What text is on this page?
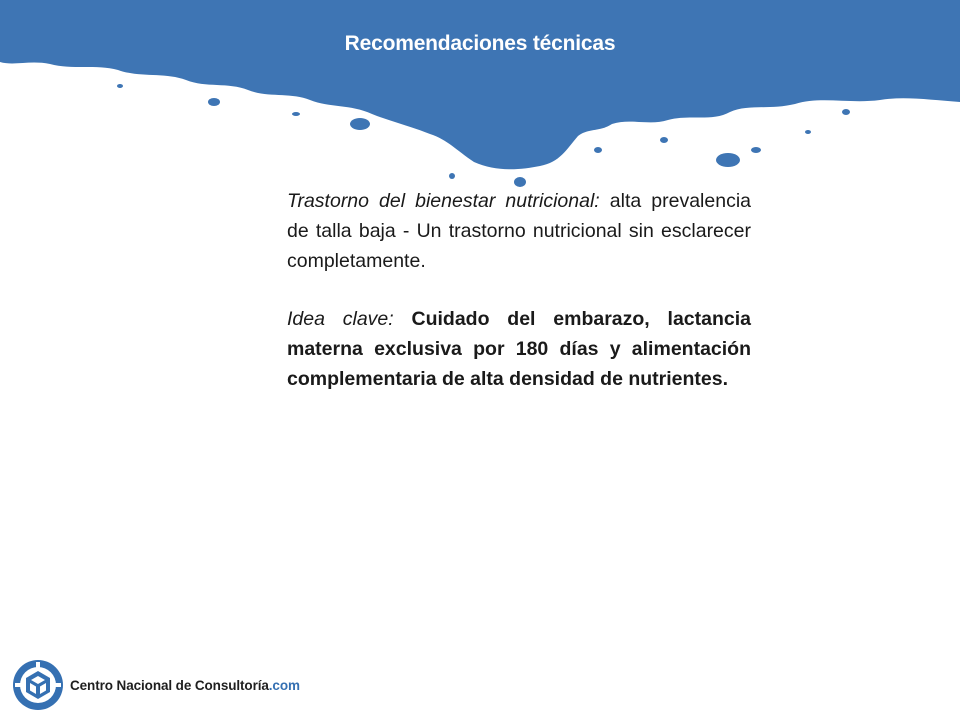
Recomendaciones técnicas

Trastorno del bienestar nutricional: alta prevalencia de talla baja - Un trastorno nutricional sin esclarecer completamente.

Idea clave: Cuidado del embarazo, lactancia materna exclusiva por 180 días y alimentación complementaria de alta densidad de nutrientes.

Centro Nacional de Consultoría.com
